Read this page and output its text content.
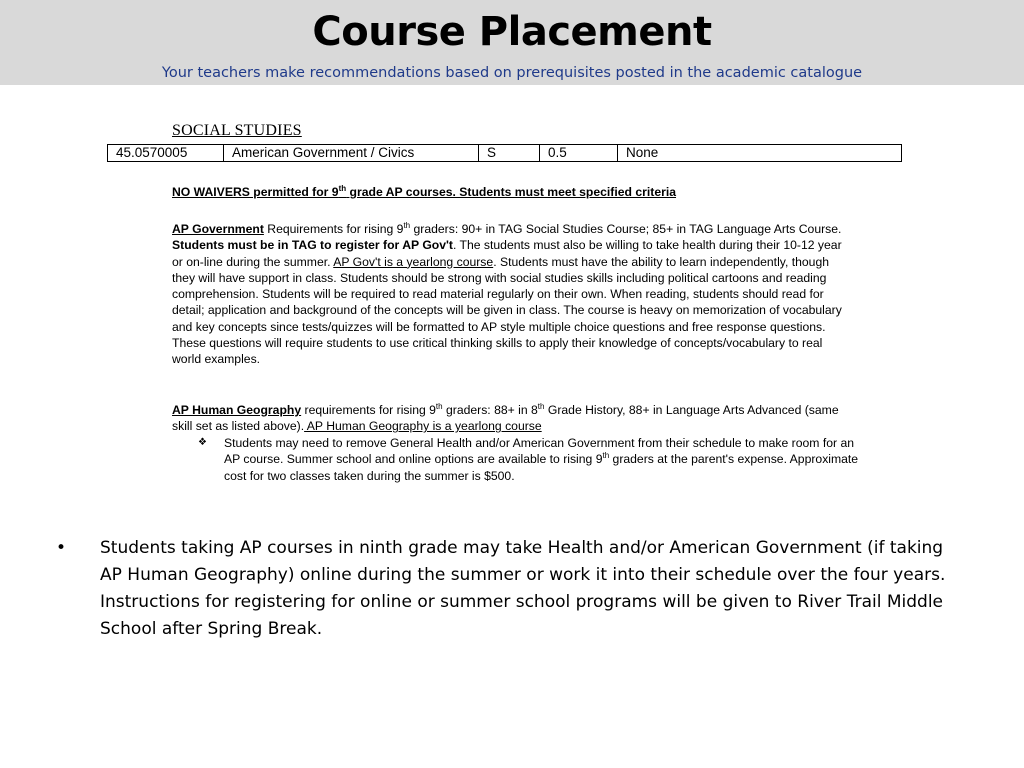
Course Placement
Your teachers make recommendations based on prerequisites posted in the academic catalogue
SOCIAL STUDIES
45.0570005	American Government / Civics	S	0.5	None
NO WAIVERS permitted for 9th grade AP courses. Students must meet specified criteria
AP Government Requirements for rising 9th graders: 90+ in TAG Social Studies Course; 85+ in TAG Language Arts Course. Students must be in TAG to register for AP Gov't. The students must also be willing to take health during their 10-12 year or on-line during the summer. AP Gov't is a yearlong course. Students must have the ability to learn independently, though they will have support in class. Students should be strong with social studies skills including political cartoons and reading comprehension. Students will be required to read material regularly on their own. When reading, students should read for detail; application and background of the concepts will be given in class. The course is heavy on memorization of vocabulary and key concepts since tests/quizzes will be formatted to AP style multiple choice questions and free response questions. These questions will require students to use critical thinking skills to apply their knowledge of concepts/vocabulary to real world examples.
AP Human Geography requirements for rising 9th graders: 88+ in 8th Grade History, 88+ in Language Arts Advanced (same skill set as listed above). AP Human Geography is a yearlong course
❖ Students may need to remove General Health and/or American Government from their schedule to make room for an AP course. Summer school and online options are available to rising 9th graders at the parent's expense. Approximate cost for two classes taken during the summer is $500.
• Students taking AP courses in ninth grade may take Health and/or American Government (if taking AP Human Geography) online during the summer or work it into their schedule over the four years. Instructions for registering for online or summer school programs will be given to River Trail Middle School after Spring Break.
